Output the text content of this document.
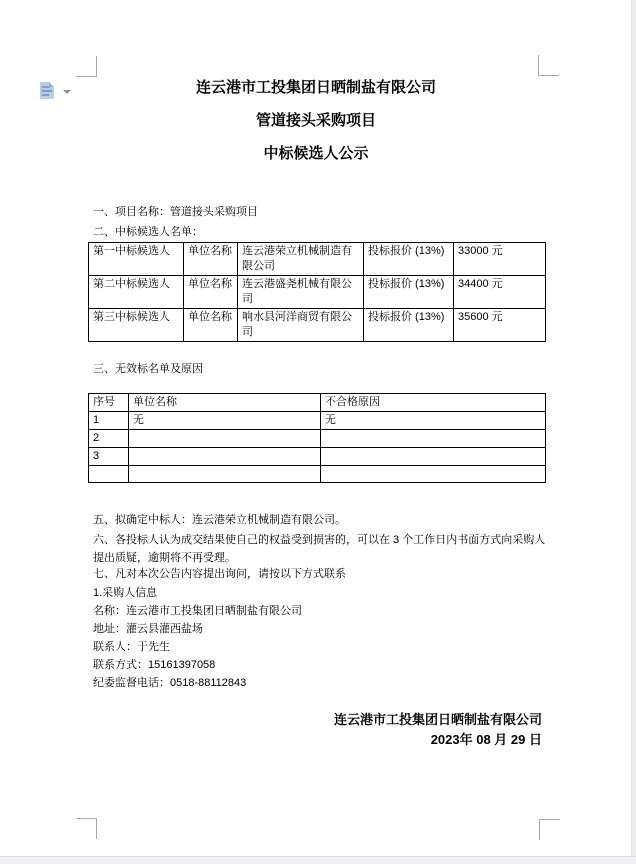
连云港市工投集团日晒制盐有限公司
管道接头采购项目
中标候选人公示
一、项目名称：管道接头采购项目
二、中标候选人名单：
第一中标候选人	单位名称	连云港荣立机械制造有限公司	投标报价 (13%)	33000 元
第二中标候选人	单位名称	连云港盛尧机械有限公司	投标报价 (13%)	34400 元
第三中标候选人	单位名称	响水县河洋商贸有限公司	投标报价 (13%)	35600 元
三、无效标名单及原因
序号	单位名称	不合格原因
1	无	无
2		
3		

五、拟确定中标人：连云港荣立机械制造有限公司。
六、各投标人认为成交结果使自己的权益受到损害的，可以在 3 个工作日内书面方式向采购人提出质疑，逾期将不再受理。
七、凡对本次公告内容提出询问，请按以下方式联系
1.采购人信息
名称：连云港市工投集团日晒制盐有限公司
地址：灌云县灌西盐场
联系人：于先生
联系方式：15161397058
纪委监督电话：0518-88112843
连云港市工投集团日晒制盐有限公司
2023年 08 月 29 日
